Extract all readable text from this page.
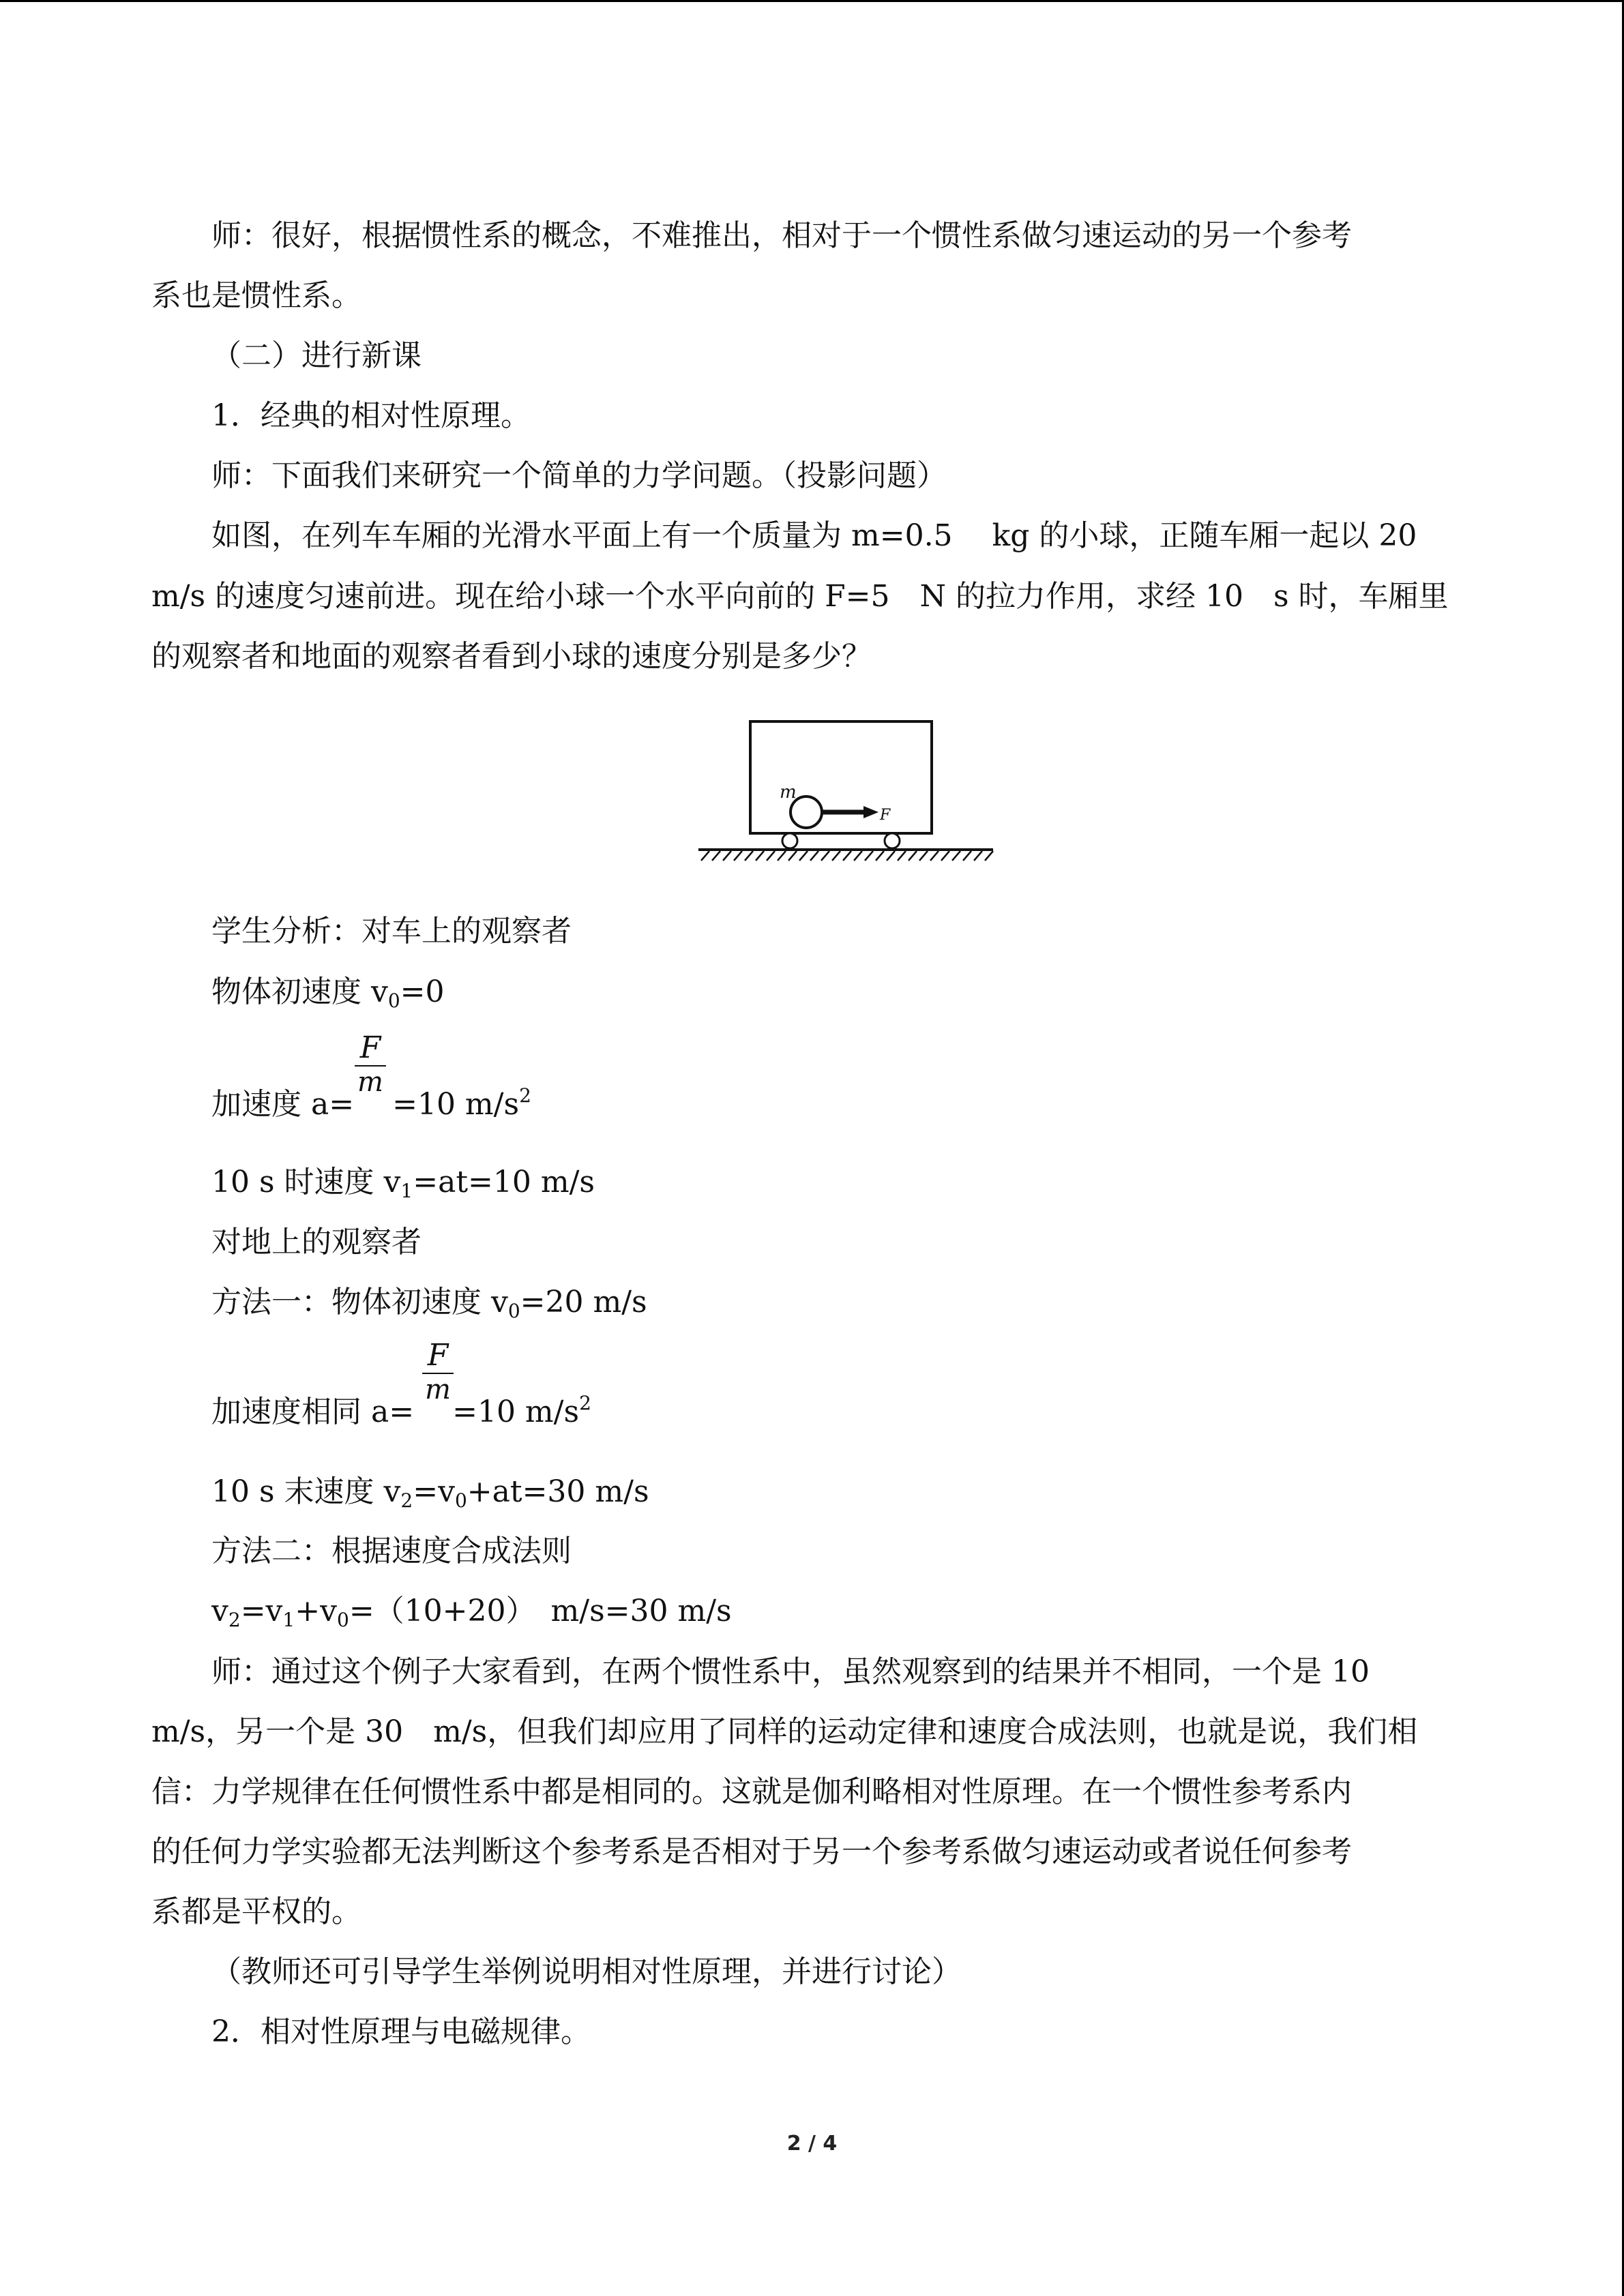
师：很好，根据惯性系的概念，不难推出，相对于一个惯性系做匀速运动的另一个参考
系也是惯性系。
（二）进行新课
1．经典的相对性原理。
师：下面我们来研究一个简单的力学问题。（投影问题）
如图，在列车车厢的光滑水平面上有一个质量为 m=0.5　 kg 的小球，正随车厢一起以 20
m/s 的速度匀速前进。现在给小球一个水平向前的 F=5　N 的拉力作用，求经 10　s 时，车厢里
的观察者和地面的观察者看到小球的速度分别是多少？
m
F
学生分析：对车上的观察者
物体初速度 $v_0=0$
$\frac{F}{m}$
加速度 a= =10 $m/s^2$
10 s 时速度 $v_1=at=10$ m/s
对地上的观察者
方法一：物体初速度 $v_0=20$ m/s
$\frac{F}{m}$
加速度相同 a= =10 $m/s^2$
10 s 末速度 $v_2=v_0+at=30$ m/s
方法二：根据速度合成法则
$v_2=v_1+v_0=(10+20)$　m/s=30 m/s
师：通过这个例子大家看到，在两个惯性系中，虽然观察到的结果并不相同，一个是 10
m/s，另一个是 30　m/s，但我们却应用了同样的运动定律和速度合成法则，也就是说，我们相
信：力学规律在任何惯性系中都是相同的。这就是伽利略相对性原理。在一个惯性参考系内
的任何力学实验都无法判断这个参考系是否相对于另一个参考系做匀速运动或者说任何参考
系都是平权的。
（教师还可引导学生举例说明相对性原理，并进行讨论）
2．相对性原理与电磁规律。
2 / 4
